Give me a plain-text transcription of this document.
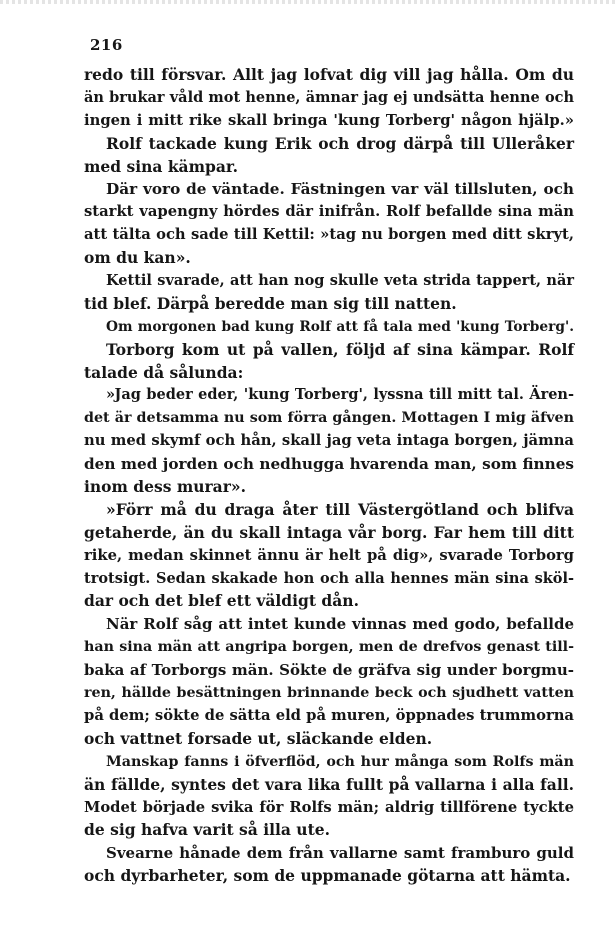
216
redo till försvar. Allt jag lofvat dig vill jag hålla. Om du
än brukar våld mot henne, ämnar jag ej undsätta henne och
ingen i mitt rike skall bringa 'kung Torberg' någon hjälp.»
Rolf tackade kung Erik och drog därpå till Ulleråker
med sina kämpar.
Där voro de väntade. Fästningen var väl tillsluten, och
starkt vapengny hördes där inifrån. Rolf befallde sina män
att tälta och sade till Kettil: »tag nu borgen med ditt skryt,
om du kan».
Kettil svarade, att han nog skulle veta strida tappert, när
tid blef. Därpå beredde man sig till natten.
Om morgonen bad kung Rolf att få tala med 'kung Torberg'.
Torborg kom ut på vallen, följd af sina kämpar. Rolf
talade då sålunda:
»Jag beder eder, 'kung Torberg', lyssna till mitt tal. Ären-
det är detsamma nu som förra gången. Mottagen I mig äfven
nu med skymf och hån, skall jag veta intaga borgen, jämna
den med jorden och nedhugga hvarenda man, som finnes
inom dess murar».
»Förr må du draga åter till Västergötland och blifva
getaherde, än du skall intaga vår borg. Far hem till ditt
rike, medan skinnet ännu är helt på dig», svarade Torborg
trotsigt. Sedan skakade hon och alla hennes män sina sköl-
dar och det blef ett väldigt dån.
När Rolf såg att intet kunde vinnas med godo, befallde
han sina män att angripa borgen, men de drefvos genast till-
baka af Torborgs män. Sökte de gräfva sig under borgmu-
ren, hällde besättningen brinnande beck och sjudhett vatten
på dem; sökte de sätta eld på muren, öppnades trummorna
och vattnet forsade ut, släckande elden.
Manskap fanns i öfverflöd, och hur många som Rolfs män
än fällde, syntes det vara lika fullt på vallarna i alla fall.
Modet började svika för Rolfs män; aldrig tillförene tyckte
de sig hafva varit så illa ute.
Svearne hånade dem från vallarne samt framburo guld
och dyrbarheter, som de uppmanade götarna att hämta.
